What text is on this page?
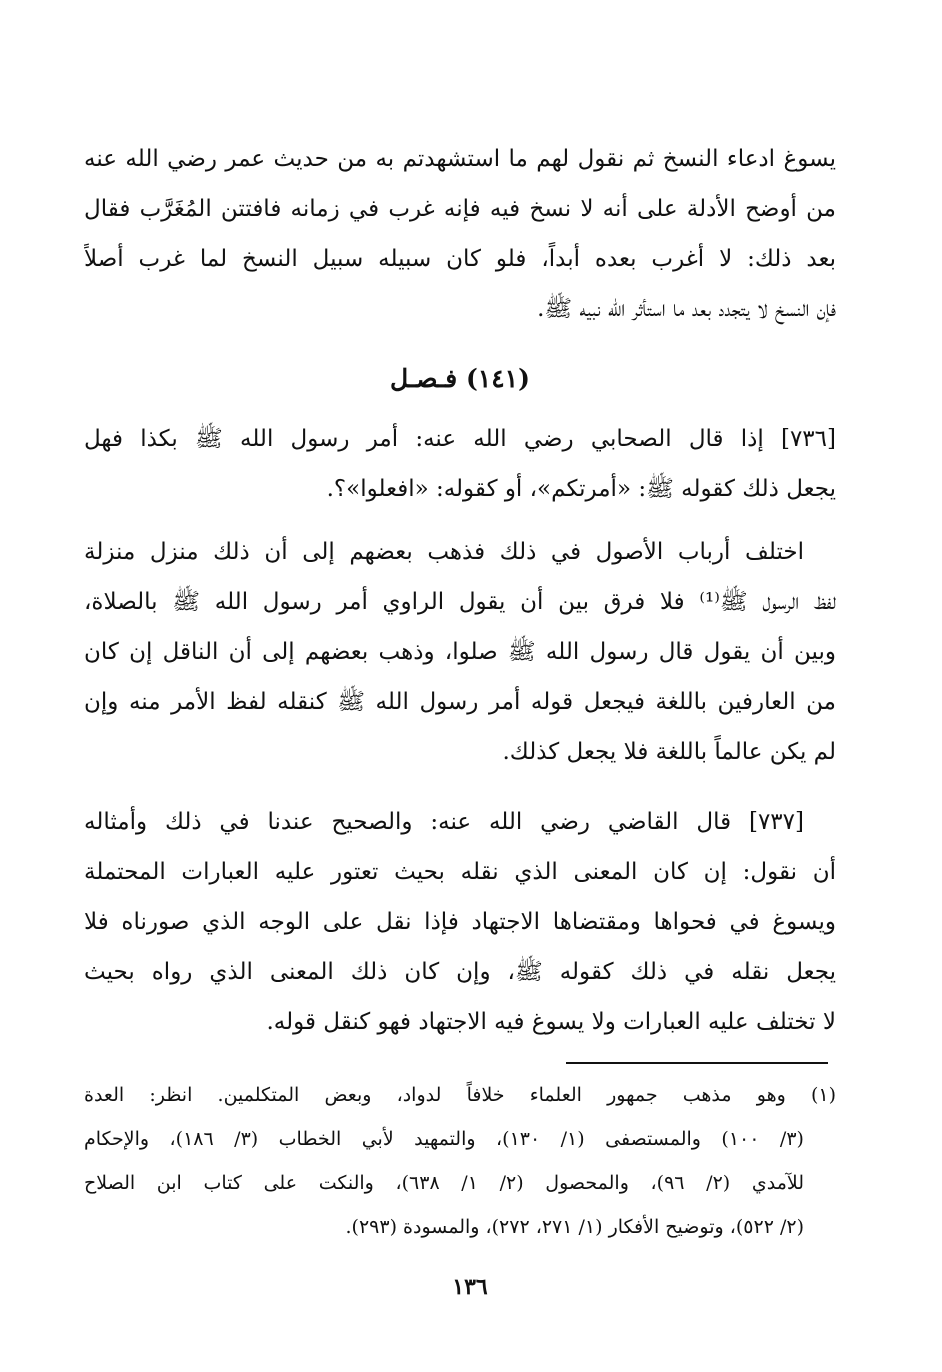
يسوغ ادعاء النسخ ثم نقول لهم ما استشهدتم به من حديث عمر رضي الله عنه
من أوضح الأدلة على أنه لا نسخ فيه فإنه غرب في زمانه فافتتن المُغَرَّب فقال
بعد ذلك: لا أغرب بعده أبداً، فلو كان سبيله سبيل النسخ لما غرب أصلاً
فإن النسخ لا يتجدد بعد ما استأثر الله نبيه ﷺ.
(١٤١) فـصـل
[٧٣٦] إذا قال الصحابي رضي الله عنه: أمر رسول الله ﷺ بكذا فهل
يجعل ذلك كقوله ﷺ: «أمرتكم»، أو كقوله: «افعلوا»؟.
اختلف أرباب الأصول في ذلك فذهب بعضهم إلى أن ذلك منزل منزلة
لفظ الرسول ﷺ⁽¹⁾ فلا فرق بين أن يقول الراوي أمر رسول الله ﷺ بالصلاة،
وبين أن يقول قال رسول الله ﷺ صلوا، وذهب بعضهم إلى أن الناقل إن كان
من العارفين باللغة فيجعل قوله أمر رسول الله ﷺ كنقله لفظ الأمر منه وإن
لم يكن عالماً باللغة فلا يجعل كذلك.
[٧٣٧] قال القاضي رضي الله عنه: والصحيح عندنا في ذلك وأمثاله
أن نقول: إن كان المعنى الذي نقله بحيث تعتور عليه العبارات المحتملة
ويسوغ في فحواها ومقتضاها الاجتهاد فإذا نقل على الوجه الذي صورناه فلا
يجعل نقله في ذلك كقوله ﷺ، وإن كان ذلك المعنى الذي رواه بحيث
لا تختلف عليه العبارات ولا يسوغ فيه الاجتهاد فهو كنقل قوله.
(١) وهو مذهب جمهور العلماء خلافاً لدواد، وبعض المتكلمين. انظر: العدة
(٣/ ١٠٠) والمستصفى (١/ ١٣٠)، والتمهيد لأبي الخطاب (٣/ ١٨٦)، والإحكام
للآمدي (٢/ ٩٦)، والمحصول (٢/ ١/ ٦٣٨)، والنكت على كتاب ابن الصلاح
(٢/ ٥٢٢)، وتوضيح الأفكار (١/ ٢٧١، ٢٧٢)، والمسودة (٢٩٣).
١٣٦
